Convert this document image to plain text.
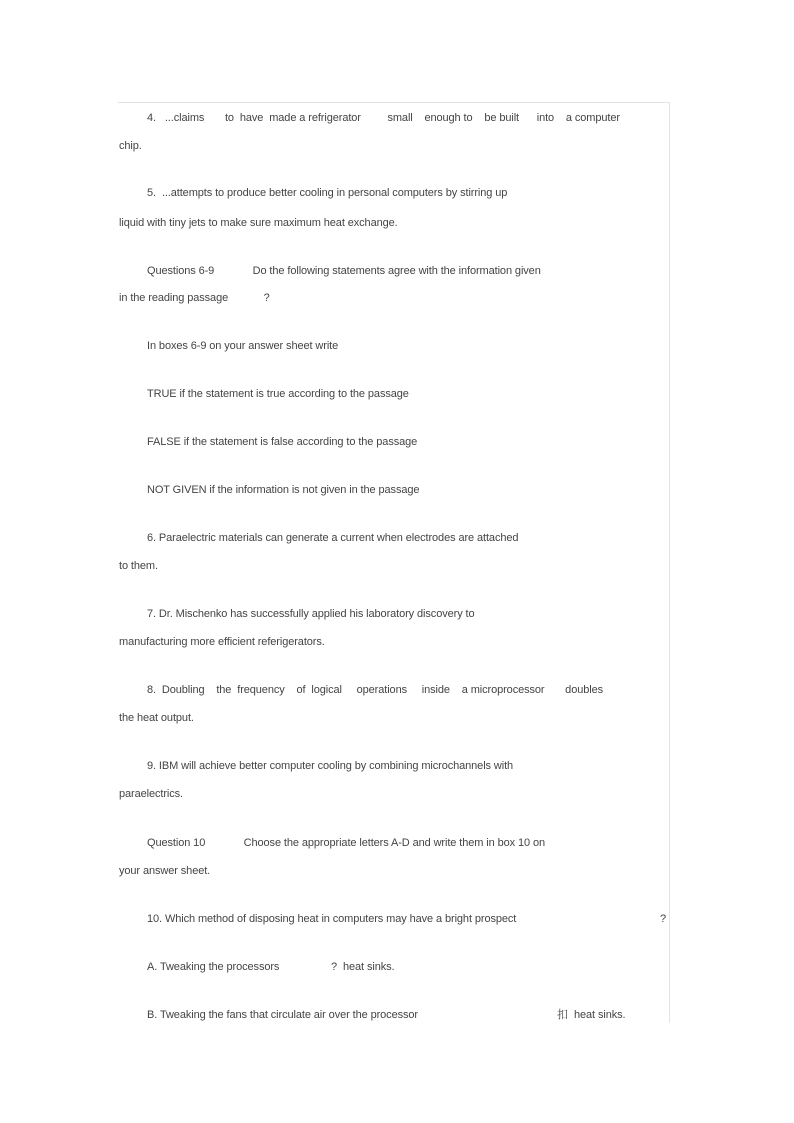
4.   ...claims       to  have  made a refrigerator         small    enough to    be built      into    a computer
chip.
5.  ...attempts to produce better cooling in personal computers by stirring up
liquid with tiny jets to make sure maximum heat exchange.
Questions 6-9             Do the following statements agree with the information given
in the reading passage            ?
In boxes 6-9 on your answer sheet write
TRUE if the statement is true according to the passage
FALSE if the statement is false according to the passage
NOT GIVEN if the information is not given in the passage
6. Paraelectric materials can generate a current when electrodes are attached
to them.
7. Dr. Mischenko has successfully applied his laboratory discovery to
manufacturing more efficient referigerators.
8.  Doubling    the  frequency    of  logical     operations     inside    a microprocessor       doubles
the heat output.
9. IBM will achieve better computer cooling by combining microchannels with
paraelectrics.
Question 10             Choose the appropriate letters A-D and write them in box 10 on
your answer sheet.
10. Which method of disposing heat in computers may have a bright prospect	?
A. Tweaking the processors	? heat sinks.
B. Tweaking the fans that circulate air over the processor	扣 heat sinks.
